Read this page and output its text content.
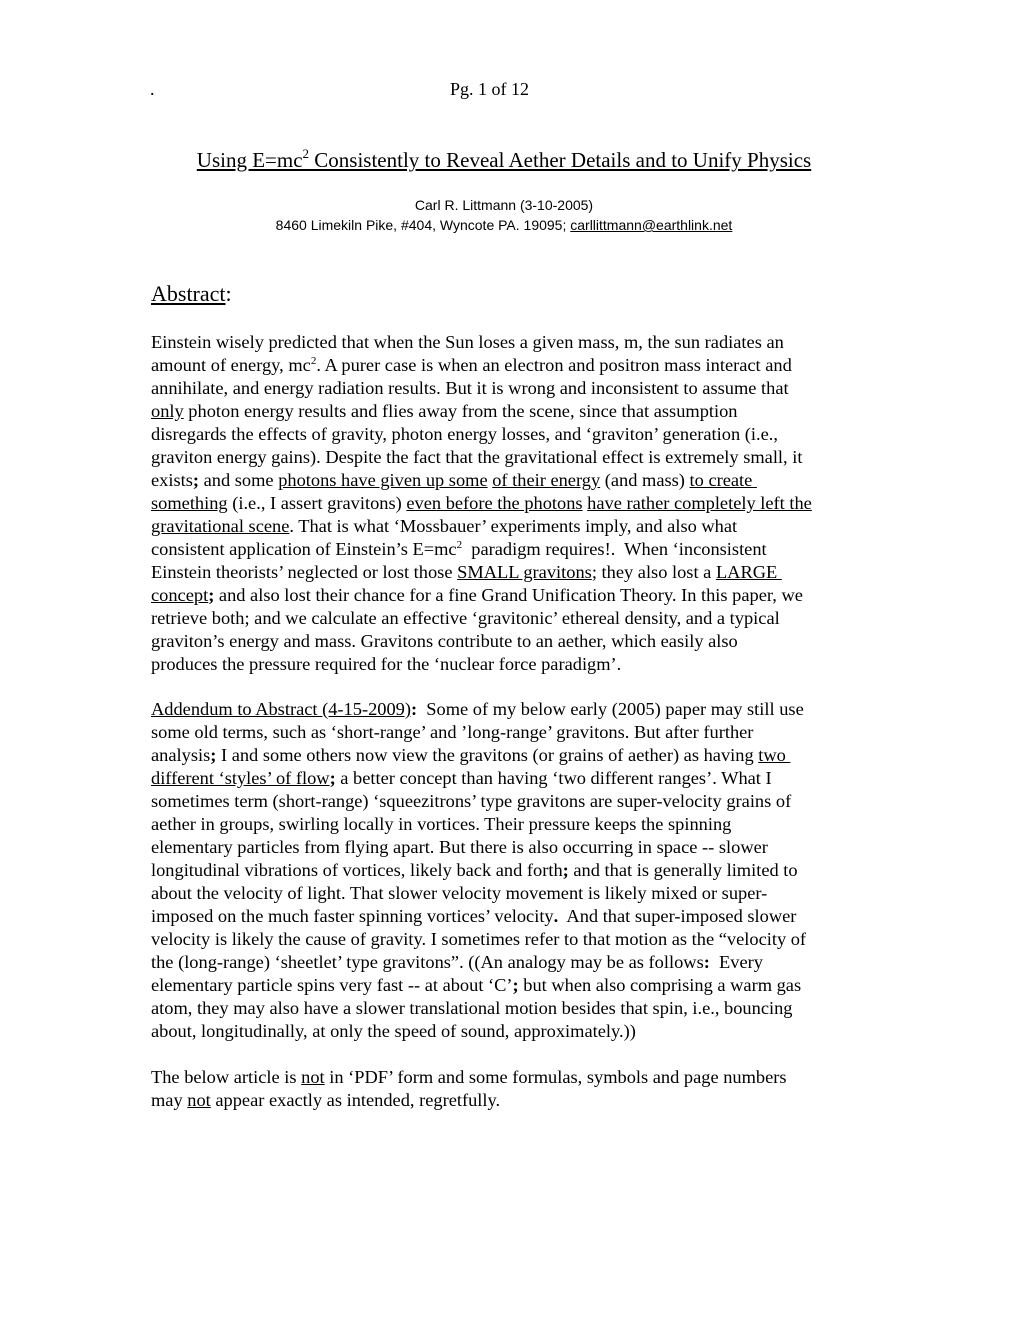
.	Pg. 1 of 12
Using $E=mc^2$ Consistently to Reveal Aether Details and to Unify Physics
Carl R. Littmann (3-10-2005)
8460 Limekiln Pike, #404, Wyncote PA. 19095; carllittmann@earthlink.net
Abstract:
Einstein wisely predicted that when the Sun loses a given mass, m, the sun radiates an
amount of energy, $mc^2$. A purer case is when an electron and positron mass interact and
annihilate, and energy radiation results. But it is wrong and inconsistent to assume that
only photon energy results and flies away from the scene, since that assumption
disregards the effects of gravity, photon energy losses, and ‘graviton’ generation (i.e.,
graviton energy gains). Despite the fact that the gravitational effect is extremely small, it
exists; and some photons have given up some of their energy (and mass) to create
something (i.e., I assert gravitons) even before the photons have rather completely left the
gravitational scene. That is what ‘Mossbauer’ experiments imply, and also what
consistent application of Einstein’s $E=mc^2$  paradigm requires!.  When ‘inconsistent
Einstein theorists’ neglected or lost those SMALL gravitons; they also lost a LARGE
concept; and also lost their chance for a fine Grand Unification Theory. In this paper, we
retrieve both; and we calculate an effective ‘gravitonic’ ethereal density, and a typical
graviton’s energy and mass. Gravitons contribute to an aether, which easily also
produces the pressure required for the ‘nuclear force paradigm’.
Addendum to Abstract (4-15-2009):  Some of my below early (2005) paper may still use
some old terms, such as ‘short-range’ and ’long-range’ gravitons. But after further
analysis; I and some others now view the gravitons (or grains of aether) as having two
different ‘styles’ of flow; a better concept than having ‘two different ranges’. What I
sometimes term (short-range) ‘squeezitrons’ type gravitons are super-velocity grains of
aether in groups, swirling locally in vortices. Their pressure keeps the spinning
elementary particles from flying apart. But there is also occurring in space -- slower
longitudinal vibrations of vortices, likely back and forth; and that is generally limited to
about the velocity of light. That slower velocity movement is likely mixed or super-
imposed on the much faster spinning vortices’ velocity.  And that super-imposed slower
velocity is likely the cause of gravity. I sometimes refer to that motion as the “velocity of
the (long-range) ‘sheetlet’ type gravitons”. ((An analogy may be as follows:  Every
elementary particle spins very fast -- at about ‘C’; but when also comprising a warm gas
atom, they may also have a slower translational motion besides that spin, i.e., bouncing
about, longitudinally, at only the speed of sound, approximately.))
The below article is not in ‘PDF’ form and some formulas, symbols and page numbers
may not appear exactly as intended, regretfully.
